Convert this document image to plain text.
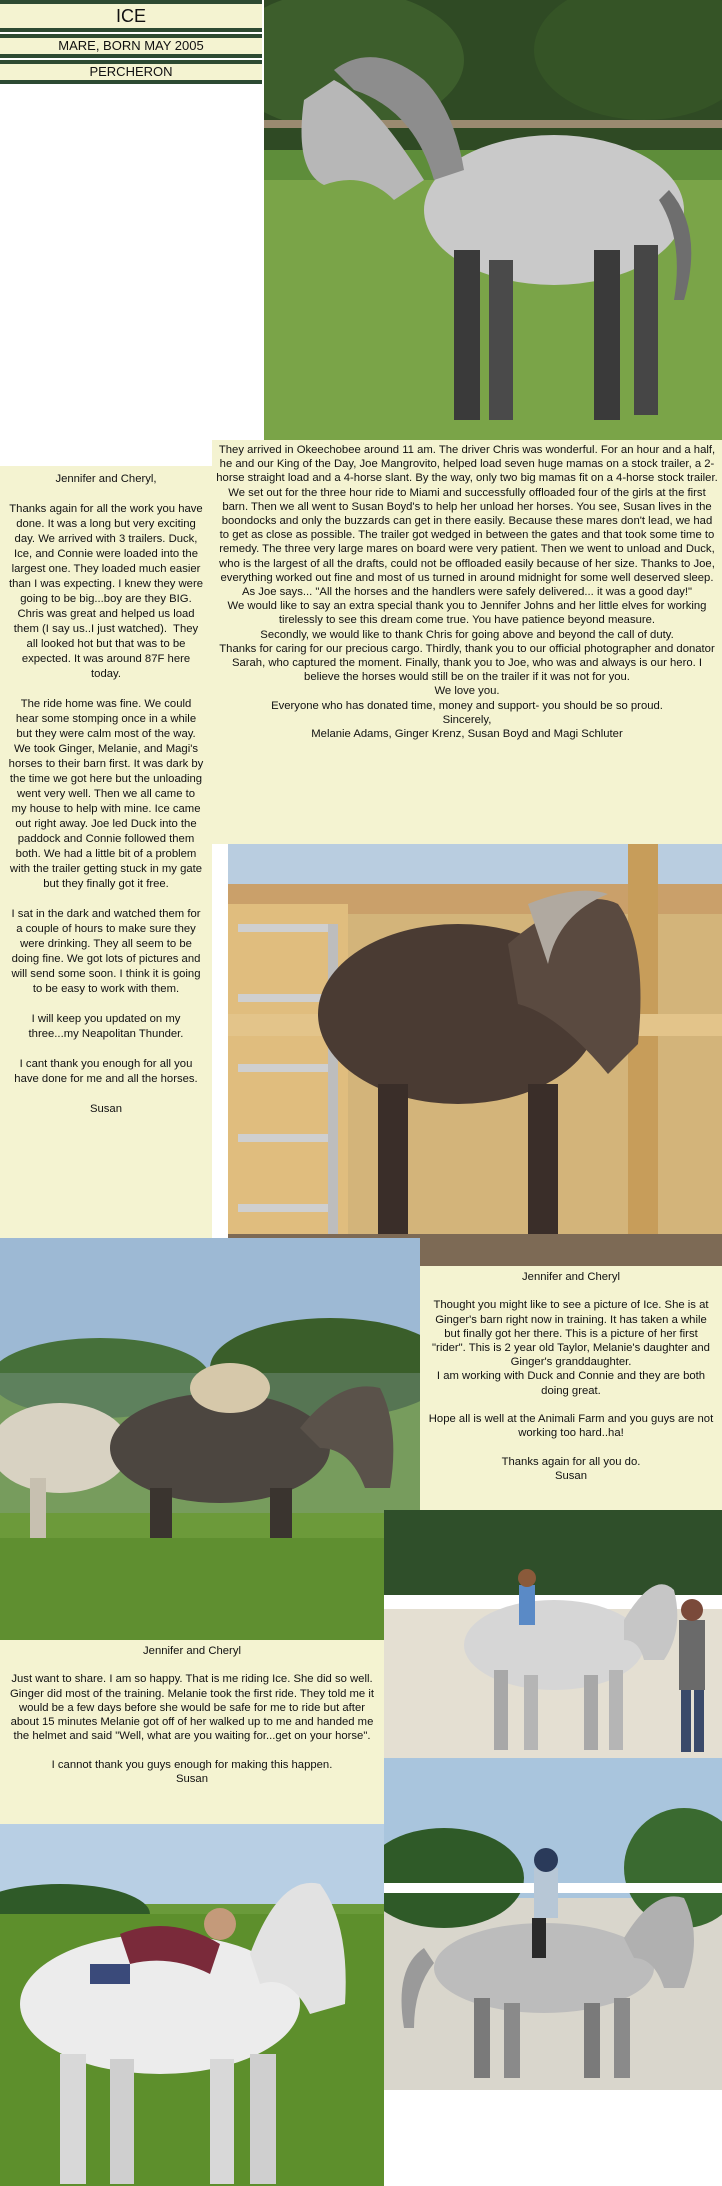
ICE
MARE, BORN MAY 2005
PERCHERON
They arrived in Okeechobee around 11 am. The driver Chris was wonderful. For an hour and a half, he and our King of the Day, Joe Mangrovito, helped load seven huge mamas on a stock trailer, a 2-horse straight load and a 4-horse slant. By the way, only two big mamas fit on a 4-horse stock trailer.
We set out for the three hour ride to Miami and successfully offloaded four of the girls at the first barn. Then we all went to Susan Boyd's to help her unload her horses. You see, Susan lives in the boondocks and only the buzzards can get in there easily. Because these mares don't lead, we had to get as close as possible. The trailer got wedged in between the gates and that took some time to remedy. The three very large mares on board were very patient. Then we went to unload and Duck, who is the largest of all the drafts, could not be offloaded easily because of her size. Thanks to Joe, everything worked out fine and most of us turned in around midnight for some well deserved sleep.
As Joe says... "All the horses and the handlers were safely delivered... it was a good day!"
We would like to say an extra special thank you to Jennifer Johns and her little elves for working tirelessly to see this dream come true. You have patience beyond measure.
Secondly, we would like to thank Chris for going above and beyond the call of duty.
Thanks for caring for our precious cargo. Thirdly, thank you to our official photographer and donator Sarah, who captured the moment. Finally, thank you to Joe, who was and always is our hero. I believe the horses would still be on the trailer if it was not for you.
We love you.
Everyone who has donated time, money and support- you should be so proud.
Sincerely,
Melanie Adams, Ginger Krenz, Susan Boyd and Magi Schluter
Jennifer and Cheryl,

Thanks again for all the work you have done. It was a long but very exciting day. We arrived with 3 trailers. Duck, Ice, and Connie were loaded into the largest one. They loaded much easier than I was expecting. I knew they were going to be big...boy are they BIG. Chris was great and helped us load them (I say us..I just watched).  They all looked hot but that was to be expected. It was around 87F here today.

The ride home was fine. We could hear some stomping once in a while but they were calm most of the way. We took Ginger, Melanie, and Magi's horses to their barn first. It was dark by the time we got here but the unloading went very well. Then we all came to my house to help with mine. Ice came out right away. Joe led Duck into the paddock and Connie followed them both. We had a little bit of a problem with the trailer getting stuck in my gate but they finally got it free.

I sat in the dark and watched them for a couple of hours to make sure they were drinking. They all seem to be doing fine. We got lots of pictures and will send some soon. I think it is going to be easy to work with them.

I will keep you updated on my three...my Neapolitan Thunder.

I cant thank you enough for all you have done for me and all the horses.

Susan
Jennifer and Cheryl

Thought you might like to see a picture of Ice. She is at Ginger's barn right now in training. It has taken a while but finally got her there. This is a picture of her first "rider". This is 2 year old Taylor, Melanie's daughter and Ginger's granddaughter.
I am working with Duck and Connie and they are both doing great.

Hope all is well at the Animali Farm and you guys are not working too hard..ha!

Thanks again for all you do.
Susan
Jennifer and Cheryl

Just want to share. I am so happy. That is me riding Ice. She did so well. Ginger did most of the training. Melanie took the first ride. They told me it would be a few days before she would be safe for me to ride but after about 15 minutes Melanie got off of her walked up to me and handed me the helmet and said "Well, what are you waiting for...get on your horse".

I cannot thank you guys enough for making this happen.
Susan
